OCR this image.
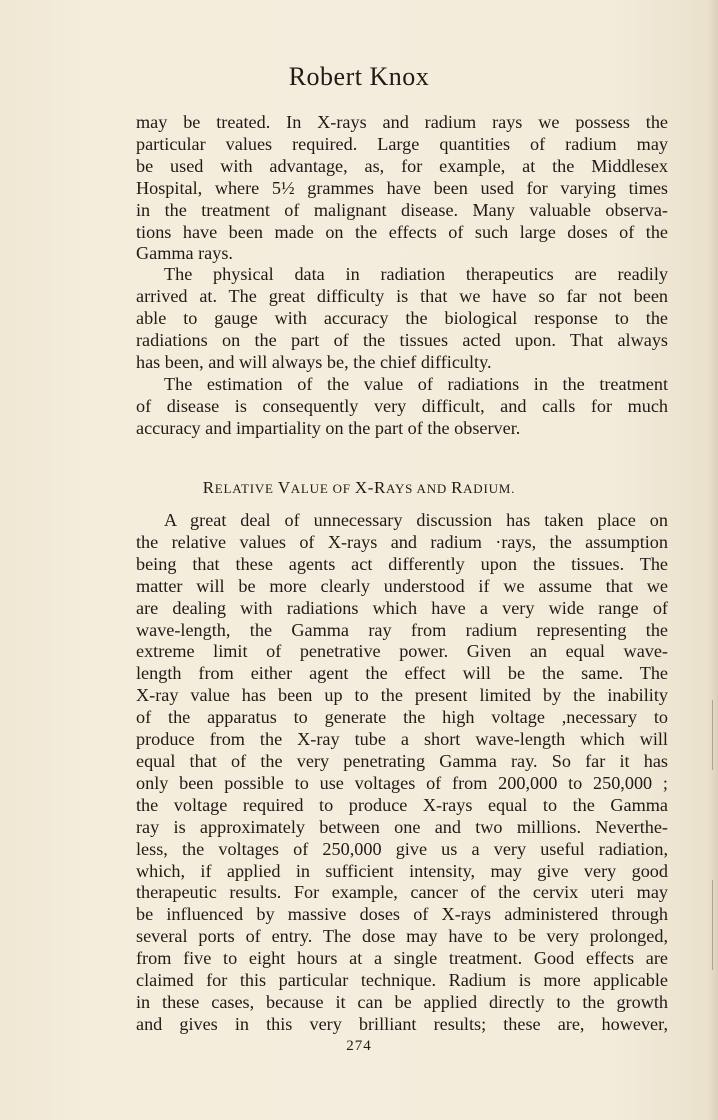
Robert Knox
may be treated. In X-rays and radium rays we possess the
particular values required. Large quantities of radium may
be used with advantage, as, for example, at the Middlesex
Hospital, where 5½ grammes have been used for varying times
in the treatment of malignant disease. Many valuable observa-
tions have been made on the effects of such large doses of the
Gamma rays.
The physical data in radiation therapeutics are readily
arrived at. The great difficulty is that we have so far not been
able to gauge with accuracy the biological response to the
radiations on the part of the tissues acted upon. That always
has been, and will always be, the chief difficulty.
The estimation of the value of radiations in the treatment
of disease is consequently very difficult, and calls for much
accuracy and impartiality on the part of the observer.
RELATIVE VALUE OF X-RAYS AND RADIUM.
A great deal of unnecessary discussion has taken place on
the relative values of X-rays and radium ·rays, the assumption
being that these agents act differently upon the tissues. The
matter will be more clearly understood if we assume that we
are dealing with radiations which have a very wide range of
wave-length, the Gamma ray from radium representing the
extreme limit of penetrative power. Given an equal wave-
length from either agent the effect will be the same. The
X-ray value has been up to the present limited by the inability
of the apparatus to generate the high voltage ,necessary to
produce from the X-ray tube a short wave-length which will
equal that of the very penetrating Gamma ray. So far it has
only been possible to use voltages of from 200,000 to 250,000 ;
the voltage required to produce X-rays equal to the Gamma
ray is approximately between one and two millions. Neverthe-
less, the voltages of 250,000 give us a very useful radiation,
which, if applied in sufficient intensity, may give very good
therapeutic results. For example, cancer of the cervix uteri may
be influenced by massive doses of X-rays administered through
several ports of entry. The dose may have to be very prolonged,
from five to eight hours at a single treatment. Good effects are
claimed for this particular technique. Radium is more applicable
in these cases, because it can be applied directly to the growth
and gives in this very brilliant results; these are, however,
274
